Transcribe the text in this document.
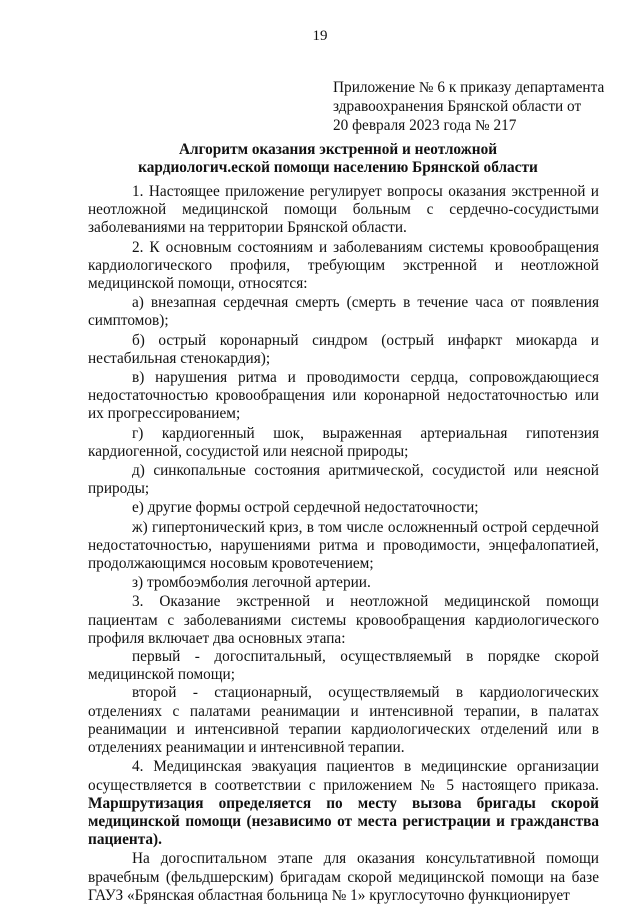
19
Приложение № 6 к приказу департамента
здравоохранения Брянской области от
20 февраля 2023 года № 217
Алгоритм оказания экстренной и неотложной
кардиологич.еской помощи населению Брянской области

1. Настоящее приложение регулирует вопросы оказания экстренной и неотложной медицинской помощи больным с сердечно-сосудистыми заболеваниями на территории Брянской области.

2. К основным состояниям и заболеваниям системы кровообращения кардиологического профиля, требующим экстренной и неотложной медицинской помощи, относятся:

а) внезапная сердечная смерть (смерть в течение часа от появления симптомов);

б) острый коронарный синдром (острый инфаркт миокарда и нестабильная стенокардия);

в) нарушения ритма и проводимости сердца, сопровождающиеся недостаточностью кровообращения или коронарной недостаточностью или их прогрессированием;

г) кардиогенный шок, выраженная артериальная гипотензия кардиогенной, сосудистой или неясной природы;

д) синкопальные состояния аритмической, сосудистой или неясной природы;

е) другие формы острой сердечной недостаточности;

ж) гипертонический криз, в том числе осложненный острой сердечной недостаточностью, нарушениями ритма и проводимости, энцефалопатией, продолжающимся носовым кровотечением;

з) тромбоэмболия легочной артерии.

3. Оказание экстренной и неотложной медицинской помощи пациентам с заболеваниями системы кровообращения кардиологического профиля включает два основных этапа:

первый - догоспитальный, осуществляемый в порядке скорой медицинской помощи;

второй - стационарный, осуществляемый в кардиологических отделениях с палатами реанимации и интенсивной терапии, в палатах реанимации и интенсивной терапии кардиологических отделений или в отделениях реанимации и интенсивной терапии.

4. Медицинская эвакуация пациентов в медицинские организации осуществляется в соответствии с приложением № 5 настоящего приказа. Маршрутизация определяется по месту вызова бригады скорой медицинской помощи (независимо от места регистрации и гражданства пациента).

На догоспитальном этапе для оказания консультативной помощи врачебным (фельдшерским) бригадам скорой медицинской помощи на базе ГАУЗ «Брянская областная больница № 1» круглосуточно функционирует
